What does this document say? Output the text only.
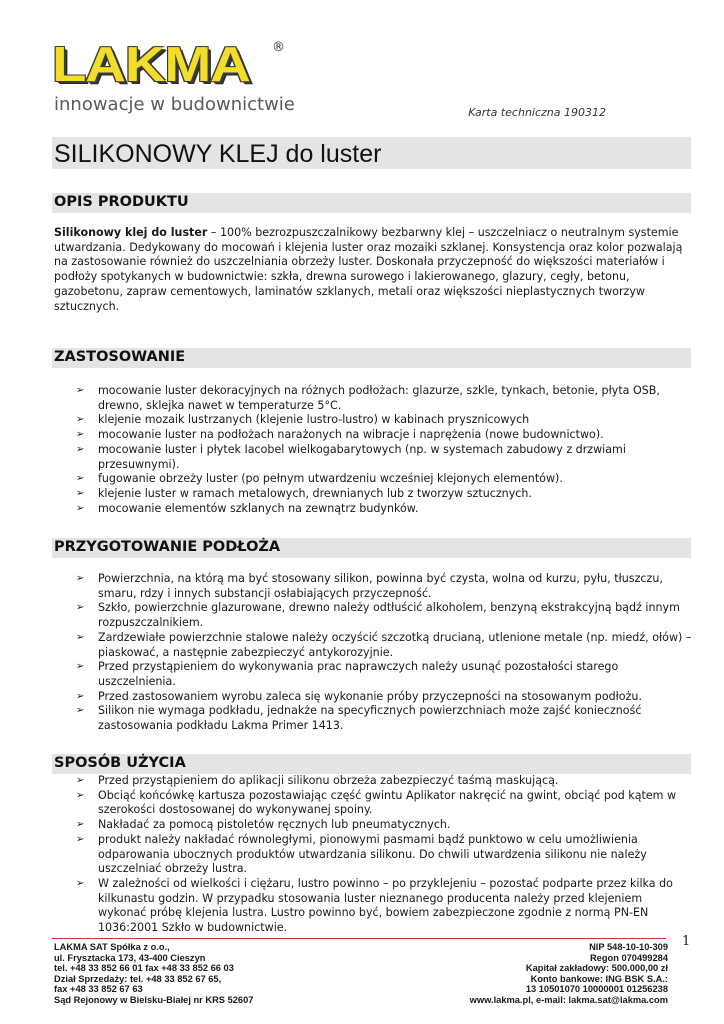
LAKMA	®
innowacje w budownictwie	Karta techniczna 190312
SILIKONOWY KLEJ do luster
OPIS PRODUKTU
Silikonowy klej do luster – 100% bezrozpuszczalnikowy bezbarwny klej – uszczelniacz o neutralnym systemie utwardzania. Dedykowany do mocowań i klejenia luster oraz mozaiki szklanej. Konsystencja oraz kolor pozwalają na zastosowanie również do uszczelniania obrzeży luster. Doskonała przyczepność do większości materiałów i podłoży spotykanych w budownictwie: szkła, drewna surowego i lakierowanego, glazury, cegły, betonu, gazobetonu, zapraw cementowych, laminatów szklanych, metali oraz większości nieplastycznych tworzyw sztucznych.
ZASTOSOWANIE
➢ mocowanie luster dekoracyjnych na różnych podłożach: glazurze, szkle, tynkach, betonie, płyta OSB, drewno, sklejka nawet w temperaturze 5°C.
➢ klejenie mozaik lustrzanych (klejenie lustro-lustro) w kabinach prysznicowych
➢ mocowanie luster na podłożach narażonych na wibracje i naprężenia (nowe budownictwo).
➢ mocowanie luster i płytek Iacobel wielkogabarytowych (np. w systemach zabudowy z drzwiami przesuwnymi).
➢ fugowanie obrzeży luster (po pełnym utwardzeniu wcześniej klejonych elementów).
➢ klejenie luster w ramach metalowych, drewnianych lub z tworzyw sztucznych.
➢ mocowanie elementów szklanych na zewnątrz budynków.
PRZYGOTOWANIE PODŁOŻA
➢ Powierzchnia, na którą ma być stosowany silikon, powinna być czysta, wolna od kurzu, pyłu, tłuszczu, smaru, rdzy i innych substancji osłabiających przyczepność.
➢ Szkło, powierzchnie glazurowane, drewno należy odtłuścić alkoholem, benzyną ekstrakcyjną bądź innym rozpuszczalnikiem.
➢ Zardzewiałe powierzchnie stalowe należy oczyścić szczotką drucianą, utlenione metale (np. miedź, ołów) – piaskować, a następnie zabezpieczyć antykorozyjnie.
➢ Przed przystąpieniem do wykonywania prac naprawczych należy usunąć pozostałości starego uszczelnienia.
➢ Przed zastosowaniem wyrobu zaleca się wykonanie próby przyczepności na stosowanym podłożu.
➢ Silikon nie wymaga podkładu, jednakże na specyficznych powierzchniach może zajść konieczność zastosowania podkładu Lakma Primer 1413.
SPOSÓB UŻYCIA
➢ Przed przystąpieniem do aplikacji silikonu obrzeża zabezpieczyć taśmą maskującą.
➢ Obciąć końcówkę kartusza pozostawiając część gwintu Aplikator nakręcić na gwint, obciąć pod kątem w szerokości dostosowanej do wykonywanej spoiny.
➢ Nakładać za pomocą pistoletów ręcznych lub pneumatycznych.
➢ produkt należy nakładać równoległymi, pionowymi pasmami bądź punktowo w celu umożliwienia odparowania ubocznych produktów utwardzania silikonu. Do chwili utwardzenia silikonu nie należy uszczelniać obrzeży lustra.
➢ W zależności od wielkości i ciężaru, lustro powinno – po przyklejeniu – pozostać podparte przez kilka do kilkunastu godzin. W przypadku stosowania luster nieznanego producenta należy przed klejeniem wykonać próbę klejenia lustra. Lustro powinno być, bowiem zabezpieczone zgodnie z normą PN-EN 1036:2001 Szkło w budownictwie.
1
LAKMA SAT Spółka z o.o.,
ul. Frysztacka 173, 43-400 Cieszyn
tel. +48 33 852 66 01 fax +48 33 852 66 03
Dział Sprzedaży: tel. +48 33 852 67 65,
fax +48 33 852 67 63
Sąd Rejonowy w Bielsku-Białej nr KRS 52607
NIP 548-10-10-309
Regon 070499284
Kapitał zakładowy: 500.000,00 zł
Konto bankowe: ING BSK S.A.:
13 10501070 10000001 01256238
www.lakma.pl, e-mail: lakma.sat@lakma.com
